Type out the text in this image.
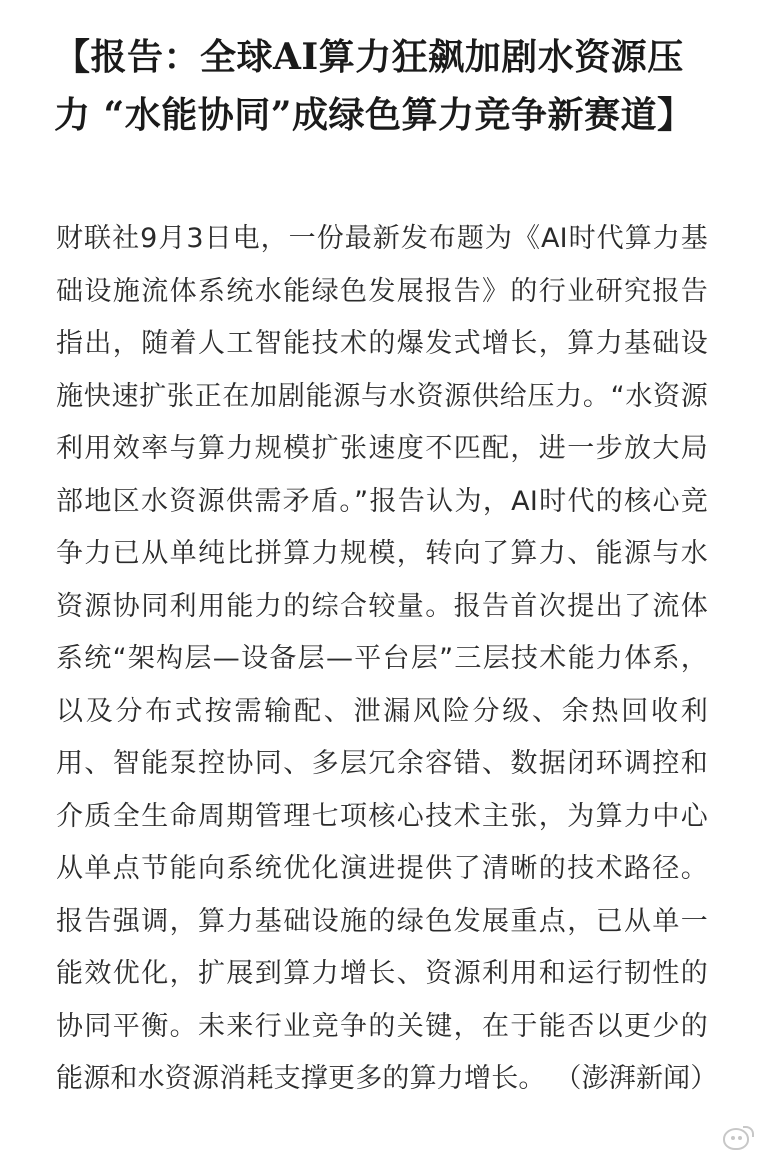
【报告：全球AI算力狂飙加剧水资源压力 “水能协同”成绿色算力竞争新赛道】

财联社9月3日电，一份最新发布题为《AI时代算力基础设施流体系统水能绿色发展报告》的行业研究报告指出，随着人工智能技术的爆发式增长，算力基础设施快速扩张正在加剧能源与水资源供给压力。“水资源利用效率与算力规模扩张速度不匹配，进一步放大局部地区水资源供需矛盾。”报告认为，AI时代的核心竞争力已从单纯比拼算力规模，转向了算力、能源与水资源协同利用能力的综合较量。报告首次提出了流体系统“架构层—设备层—平台层”三层技术能力体系，以及分布式按需输配、泄漏风险分级、余热回收利用、智能泵控协同、多层冗余容错、数据闭环调控和介质全生命周期管理七项核心技术主张，为算力中心从单点节能向系统优化演进提供了清晰的技术路径。报告强调，算力基础设施的绿色发展重点，已从单一能效优化，扩展到算力增长、资源利用和运行韧性的协同平衡。未来行业竞争的关键，在于能否以更少的能源和水资源消耗支撑更多的算力增长。 （澎湃新闻）
